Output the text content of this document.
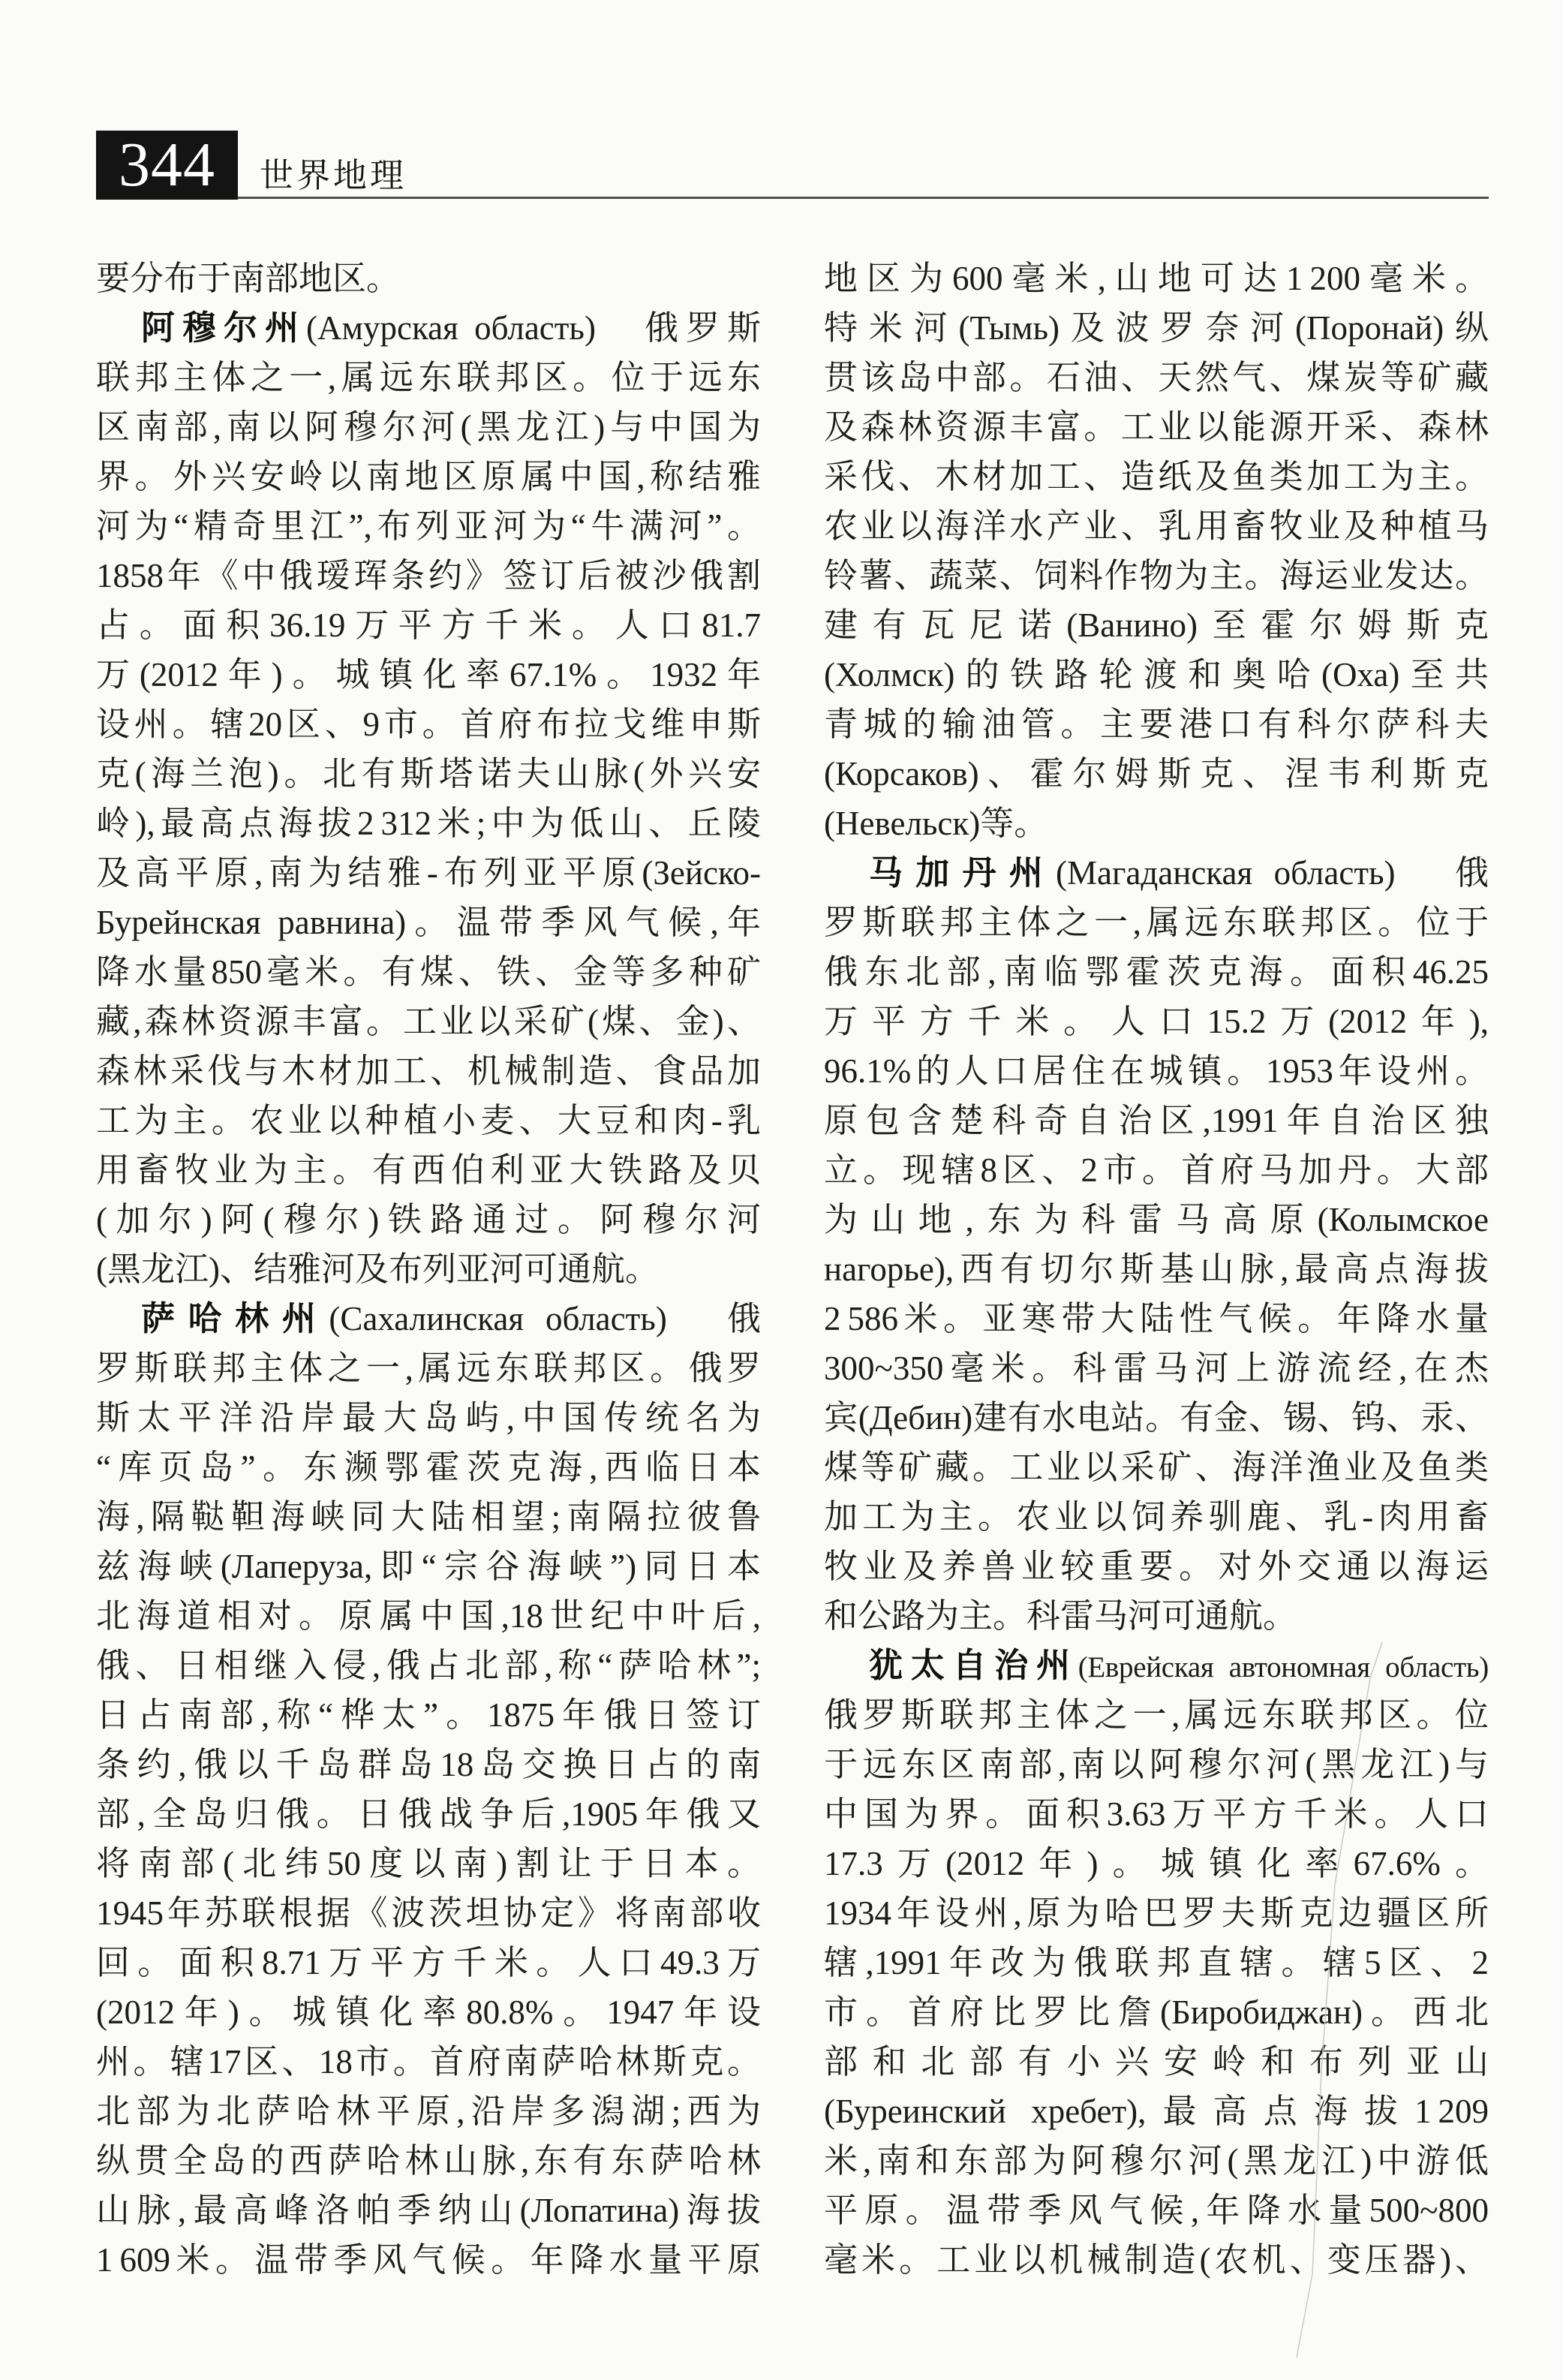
344	世界地理
要分布于南部地区。
阿穆尔州(Амурская область)　俄罗斯
联邦主体之一,属远东联邦区。位于远东
区南部,南以阿穆尔河(黑龙江)与中国为
界。外兴安岭以南地区原属中国,称结雅
河为“精奇里江”,布列亚河为“牛满河”。
1858年《中俄瑷珲条约》签订后被沙俄割
占。面积36.19万平方千米。人口81.7
万(2012年)。城镇化率67.1%。1932年
设州。辖20区、9市。首府布拉戈维申斯
克(海兰泡)。北有斯塔诺夫山脉(外兴安
岭),最高点海拔2 312米;中为低山、丘陵
及高平原,南为结雅-布列亚平原(Зейско-
Бурейнская равнина)。温带季风气候,年
降水量850毫米。有煤、铁、金等多种矿
藏,森林资源丰富。工业以采矿(煤、金)、
森林采伐与木材加工、机械制造、食品加
工为主。农业以种植小麦、大豆和肉-乳
用畜牧业为主。有西伯利亚大铁路及贝
(加尔)阿(穆尔)铁路通过。阿穆尔河
(黑龙江)、结雅河及布列亚河可通航。
萨哈林州(Сахалинская область)　俄
罗斯联邦主体之一,属远东联邦区。俄罗
斯太平洋沿岸最大岛屿,中国传统名为
“库页岛”。东濒鄂霍茨克海,西临日本
海,隔鞑靼海峡同大陆相望;南隔拉彼鲁
兹海峡(Лаперуза,即“宗谷海峡”)同日本
北海道相对。原属中国,18世纪中叶后,
俄、日相继入侵,俄占北部,称“萨哈林”;
日占南部,称“桦太”。1875年俄日签订
条约,俄以千岛群岛18岛交换日占的南
部,全岛归俄。日俄战争后,1905年俄又
将南部(北纬50度以南)割让于日本。
1945年苏联根据《波茨坦协定》将南部收
回。面积8.71万平方千米。人口49.3万
(2012年)。城镇化率80.8%。1947年设
州。辖17区、18市。首府南萨哈林斯克。
北部为北萨哈林平原,沿岸多潟湖;西为
纵贯全岛的西萨哈林山脉,东有东萨哈林
山脉,最高峰洛帕季纳山(Лопатина)海拔
1 609米。温带季风气候。年降水量平原
地区为600毫米,山地可达1 200毫米。
特米河(Тымь)及波罗奈河(Поронай)纵
贯该岛中部。石油、天然气、煤炭等矿藏
及森林资源丰富。工业以能源开采、森林
采伐、木材加工、造纸及鱼类加工为主。
农业以海洋水产业、乳用畜牧业及种植马
铃薯、蔬菜、饲料作物为主。海运业发达。
建有瓦尼诺(Ванино)至霍尔姆斯克
(Холмск)的铁路轮渡和奥哈(Оха)至共
青城的输油管。主要港口有科尔萨科夫
(Корсаков)、霍尔姆斯克、涅韦利斯克
(Невельск)等。
马加丹州(Магаданская область)　俄
罗斯联邦主体之一,属远东联邦区。位于
俄东北部,南临鄂霍茨克海。面积46.25
万平方千米。人口15.2万(2012年),
96.1%的人口居住在城镇。1953年设州。
原包含楚科奇自治区,1991年自治区独
立。现辖8区、2市。首府马加丹。大部
为山地,东为科雷马高原(Колымское
нагорье),西有切尔斯基山脉,最高点海拔
2 586米。亚寒带大陆性气候。年降水量
300~350毫米。科雷马河上游流经,在杰
宾(Дебин)建有水电站。有金、锡、钨、汞、
煤等矿藏。工业以采矿、海洋渔业及鱼类
加工为主。农业以饲养驯鹿、乳-肉用畜
牧业及养兽业较重要。对外交通以海运
和公路为主。科雷马河可通航。
犹太自治州(Еврейская автономная область)
俄罗斯联邦主体之一,属远东联邦区。位
于远东区南部,南以阿穆尔河(黑龙江)与
中国为界。面积3.63万平方千米。人口
17.3万(2012年)。城镇化率67.6%。
1934年设州,原为哈巴罗夫斯克边疆区所
辖,1991年改为俄联邦直辖。辖5区、2
市。首府比罗比詹(Биробиджан)。西北
部和北部有小兴安岭和布列亚山
(Буреинский хребет),最高点海拔1 209
米,南和东部为阿穆尔河(黑龙江)中游低
平原。温带季风气候,年降水量500~800
毫米。工业以机械制造(农机、变压器)、
